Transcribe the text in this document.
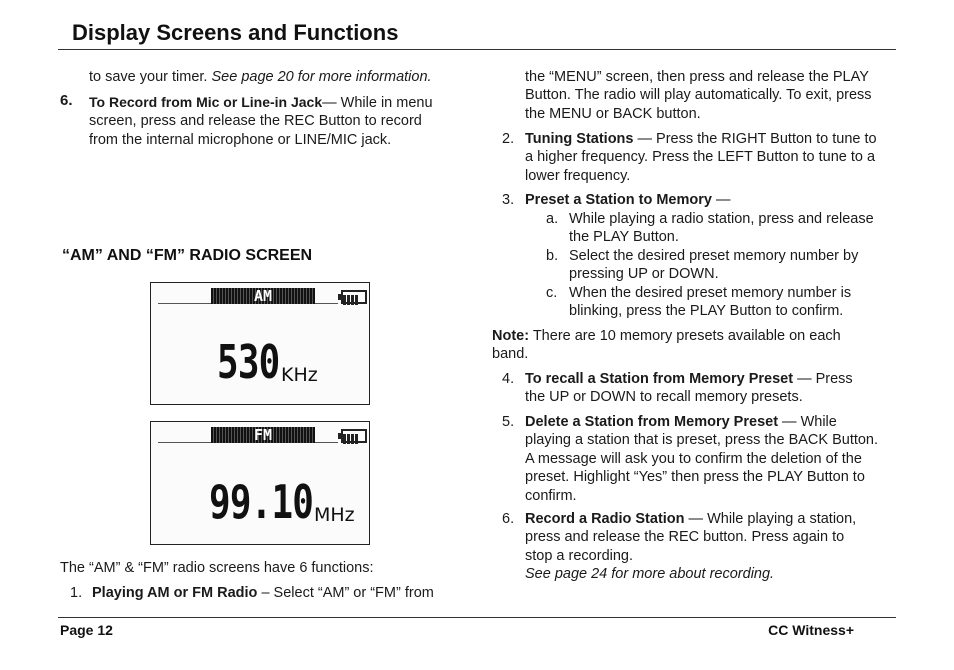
Display Screens and Functions
to save your timer. See page 20 for more information.
6. To Record from Mic or Line-in Jack— While in menu
screen, press and release the REC Button to record
from the internal microphone or LINE/MIC jack.
“AM” AND “FM” RADIO SCREEN
AM
530 KHz
FM
99.10 MHz
The “AM” & “FM” radio screens have 6 functions:
1. Playing AM or FM Radio – Select “AM” or “FM” from
the “MENU” screen, then press and release the PLAY
Button. The radio will play automatically. To exit, press
the MENU or BACK button.
2. Tuning Stations — Press the RIGHT Button to tune to
a higher frequency. Press the LEFT Button to tune to a
lower frequency.
3. Preset a Station to Memory —
a. While playing a radio station, press and release
the PLAY Button.
b. Select the desired preset memory number by
pressing UP or DOWN.
c. When the desired preset memory number is
blinking, press the PLAY Button to confirm.
Note: There are 10 memory presets available on each
band.
4. To recall a Station from Memory Preset — Press
the UP or DOWN to recall memory presets.
5. Delete a Station from Memory Preset — While
playing a station that is preset, press the BACK Button.
A message will ask you to confirm the deletion of the
preset. Highlight “Yes” then press the PLAY Button to
confirm.
6. Record a Radio Station — While playing a station,
press and release the REC button. Press again to
stop a recording.
See page 24 for more about recording.
Page 12	CC Witness+
